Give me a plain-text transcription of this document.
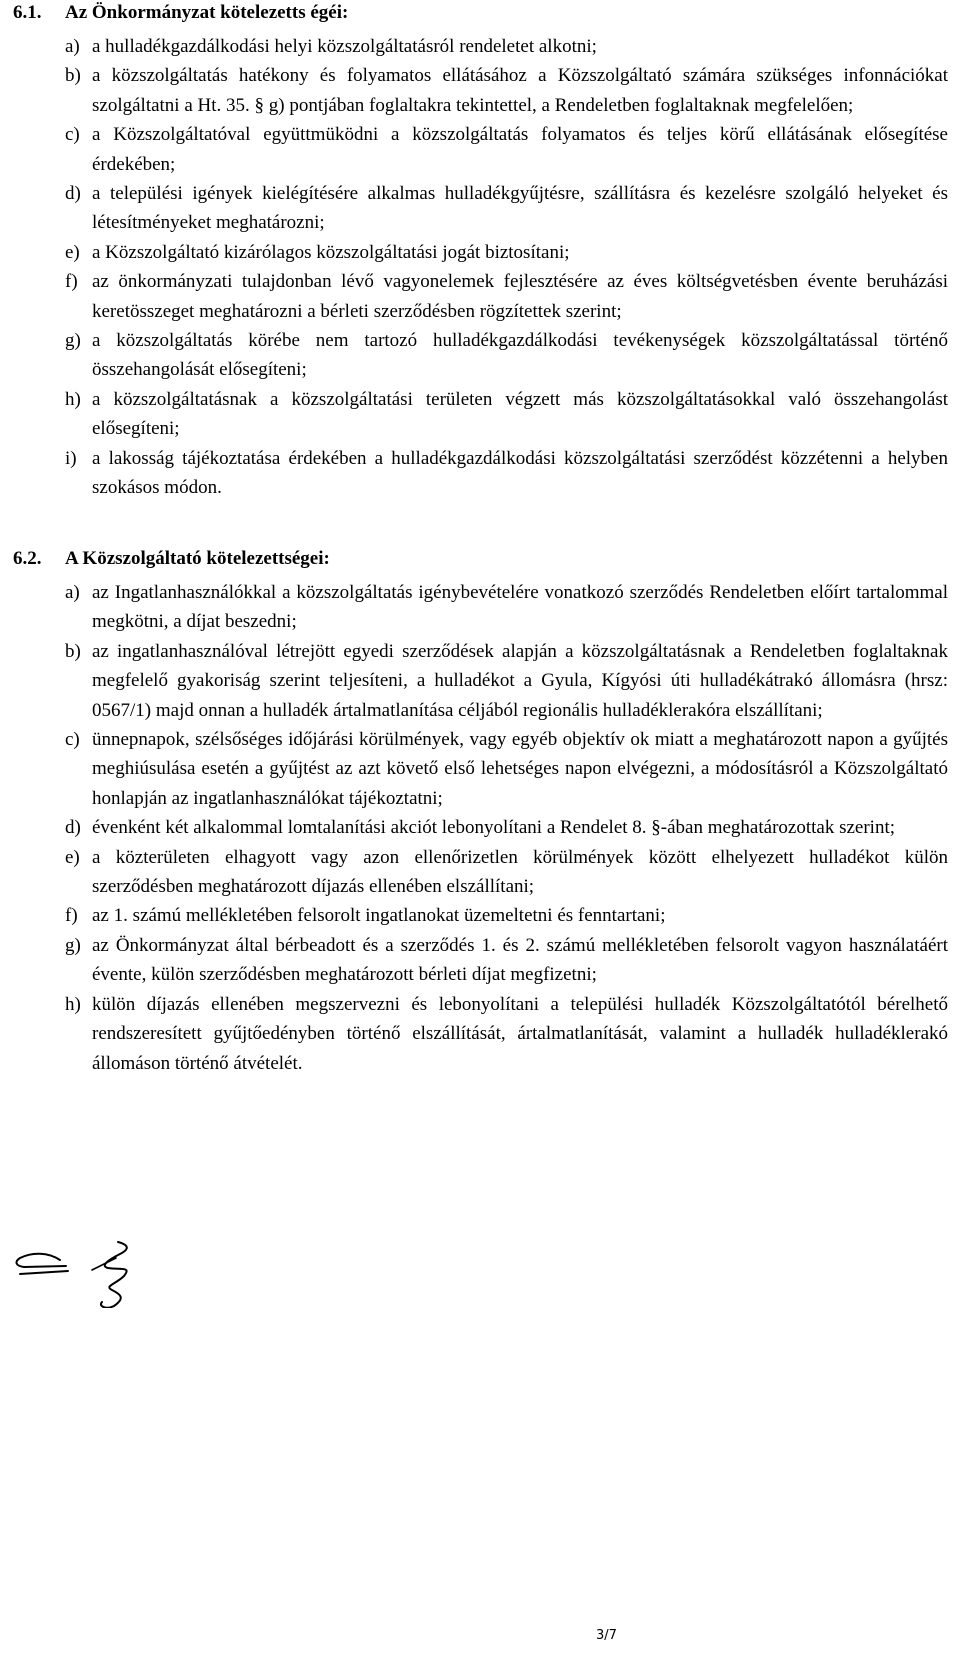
6.1. Az Önkormányzat kötelezetts égéi:
a) a hulladékgazdálkodási helyi közszolgáltatásról rendeletet alkotni;
b) a közszolgáltatás hatékony és folyamatos ellátásához a Közszolgáltató számára szükséges infonnációkat szolgáltatni a Ht. 35. § g) pontjában foglaltakra tekintettel, a Rendeletben foglaltaknak megfelelően;
c) a Közszolgáltatóval együttmüködni a közszolgáltatás folyamatos és teljes körű ellátásának elősegítése érdekében;
d) a települési igények kielégítésére alkalmas hulladékgyűjtésre, szállításra és kezelésre szolgáló helyeket és létesítményeket meghatározni;
e) a Közszolgáltató kizárólagos közszolgáltatási jogát biztosítani;
f) az önkormányzati tulajdonban lévő vagyonelemek fejlesztésére az éves költségvetésben évente beruházási keretösszeget meghatározni a bérleti szerződésben rögzítettek szerint;
g) a közszolgáltatás körébe nem tartozó hulladékgazdálkodási tevékenységek közszolgáltatással történő összehangolását elősegíteni;
h) a közszolgáltatásnak a közszolgáltatási területen végzett más közszolgáltatásokkal való összehangolást elősegíteni;
i) a lakosság tájékoztatása érdekében a hulladékgazdálkodási közszolgáltatási szerződést közzétenni a helyben szokásos módon.
6.2. A Közszolgáltató kötelezettségei:
a) az Ingatlanhasználókkal a közszolgáltatás igénybevételére vonatkozó szerződés Rendeletben előírt tartalommal megkötni, a díjat beszedni;
b) az ingatlanhasználóval létrejött egyedi szerződések alapján a közszolgáltatásnak a Rendeletben foglaltaknak megfelelő gyakoriság szerint teljesíteni, a hulladékot a Gyula, Kígyósi úti hulladékátrakó állomásra (hrsz: 0567/1) majd onnan a hulladék ártalmatlanítása céljából regionális hulladéklerakóra elszállítani;
c) ünnepnapok, szélsőséges időjárási körülmények, vagy egyéb objektív ok miatt a meghatározott napon a gyűjtés meghiúsulása esetén a gyűjtést az azt követő első lehetséges napon elvégezni, a módosításról a Közszolgáltató honlapján az ingatlanhasználókat tájékoztatni;
d) évenként két alkalommal lomtalanítási akciót lebonyolítani a Rendelet 8. §-ában meghatározottak szerint;
e) a közterületen elhagyott vagy azon ellenőrizetlen körülmények között elhelyezett hulladékot külön szerződésben meghatározott díjazás ellenében elszállítani;
f) az 1. számú mellékletében felsorolt ingatlanokat üzemeltetni és fenntartani;
g) az Önkormányzat által bérbeadott és a szerződés 1. és 2. számú mellékletében felsorolt vagyon használatáért évente, külön szerződésben meghatározott bérleti díjat megfizetni;
h) külön díjazás ellenében megszervezni és lebonyolítani a települési hulladék Közszolgáltatótól bérelhető rendszeresített gyűjtőedényben történő elszállítását, ártalmatlanítását, valamint a hulladék hulladéklerakó állomáson történő átvételét.
3/7
